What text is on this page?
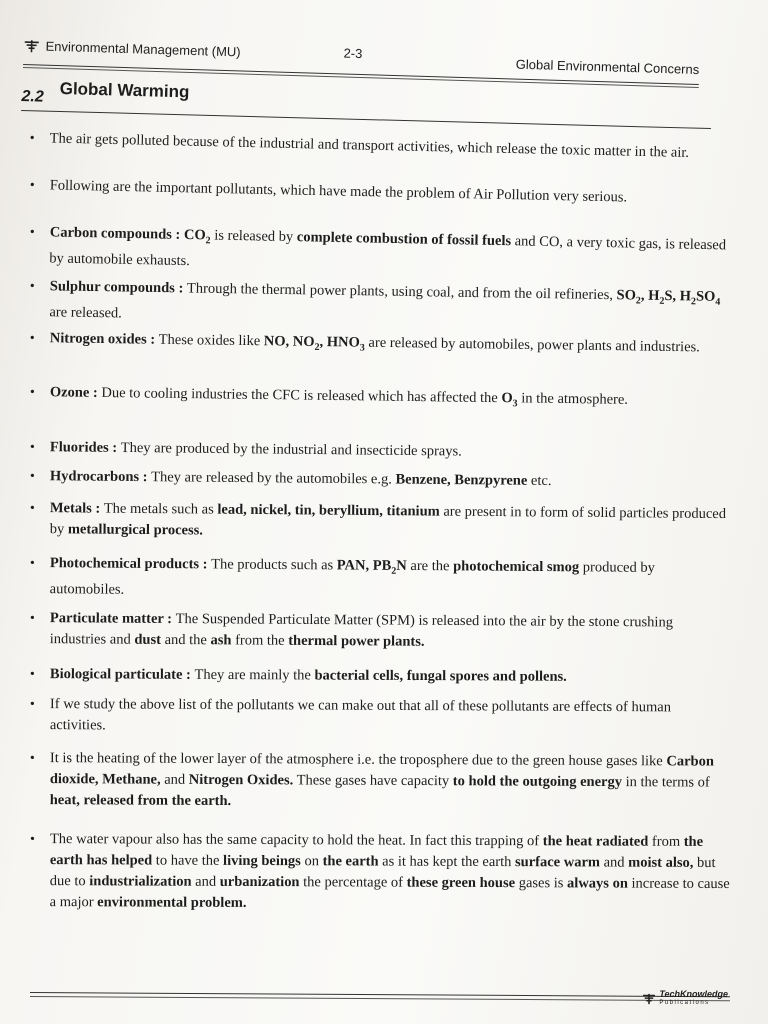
Environmental Management (MU)	2-3
Global Environmental Concerns
2.2 Global Warming
• The air gets polluted because of the industrial and transport activities, which release the toxic matter in the air.
• Following are the important pollutants, which have made the problem of Air Pollution very serious.
• Carbon compounds : $CO_2$ is released by complete combustion of fossil fuels and CO, a very toxic gas, is released by automobile exhausts.
• Sulphur compounds : Through the thermal power plants, using coal, and from the oil refineries, $SO_2$, $H_2S$, $H_2SO_4$ are released.
• Nitrogen oxides : These oxides like NO, $NO_2$, $HNO_3$ are released by automobiles, power plants and industries.
• Ozone : Due to cooling industries the CFC is released which has affected the $O_3$ in the atmosphere.
• Fluorides : They are produced by the industrial and insecticide sprays.
• Hydrocarbons : They are released by the automobiles e.g. Benzene, Benzpyrene etc.
• Metals : The metals such as lead, nickel, tin, beryllium, titanium are present in to form of solid particles produced by metallurgical process.
• Photochemical products : The products such as PAN, $PB_2N$ are the photochemical smog produced by automobiles.
• Particulate matter : The Suspended Particulate Matter (SPM) is released into the air by the stone crushing industries and dust and the ash from the thermal power plants.
• Biological particulate : They are mainly the bacterial cells, fungal spores and pollens.
• If we study the above list of the pollutants we can make out that all of these pollutants are effects of human activities.
• It is the heating of the lower layer of the atmosphere i.e. the troposphere due to the green house gases like Carbon dioxide, Methane, and Nitrogen Oxides. These gases have capacity to hold the outgoing energy in the terms of heat, released from the earth.
• The water vapour also has the same capacity to hold the heat. In fact this trapping of the heat radiated from the earth has helped to have the living beings on the earth as it has kept the earth surface warm and moist also, but due to industrialization and urbanization the percentage of these green house gases is always on increase to cause a major environmental problem.
TechKnowledge
Publications
